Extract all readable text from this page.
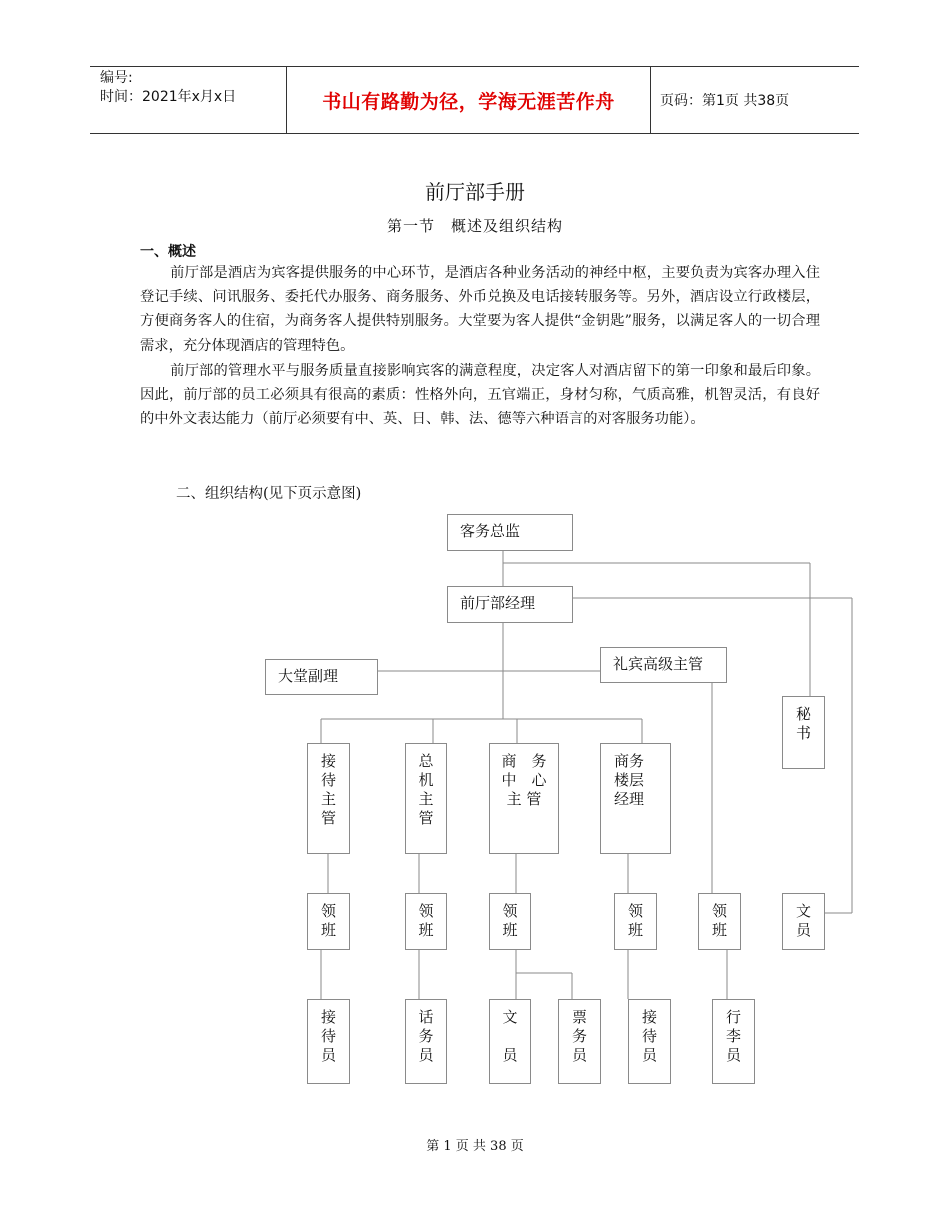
编号:
时间：2021年x月x日	书山有路勤为径，学海无涯苦作舟	页码：第1页 共38页
前厅部手册
第一节　概述及组织结构
一、概述
前厅部是酒店为宾客提供服务的中心环节，是酒店各种业务活动的神经中枢，主要负责为宾客办理入住登记手续、问讯服务、委托代办服务、商务服务、外币兑换及电话接转服务等。另外，酒店设立行政楼层，方便商务客人的住宿，为商务客人提供特别服务。大堂要为客人提供“金钥匙”服务，以满足客人的一切合理需求，充分体现酒店的管理特色。
前厅部的管理水平与服务质量直接影响宾客的满意程度，决定客人对酒店留下的第一印象和最后印象。因此，前厅部的员工必须具有很高的素质：性格外向，五官端正，身材匀称，气质高雅，机智灵活，有良好的中外文表达能力（前厅必须要有中、英、日、韩、法、德等六种语言的对客服务功能）。
二、组织结构(见下页示意图)
客务总监
前厅部经理
大堂副理
礼宾高级主管
秘
书
接
待
主
管
总
机
主
管
商　务
中　心
主 管
商务
楼层
经理
领
班
领
班
领
班
领
班
领
班
文
员
接
待
员
话
务
员
文
员
票
务
员
接
待
员
行
李
员
第 1 页 共 38 页
